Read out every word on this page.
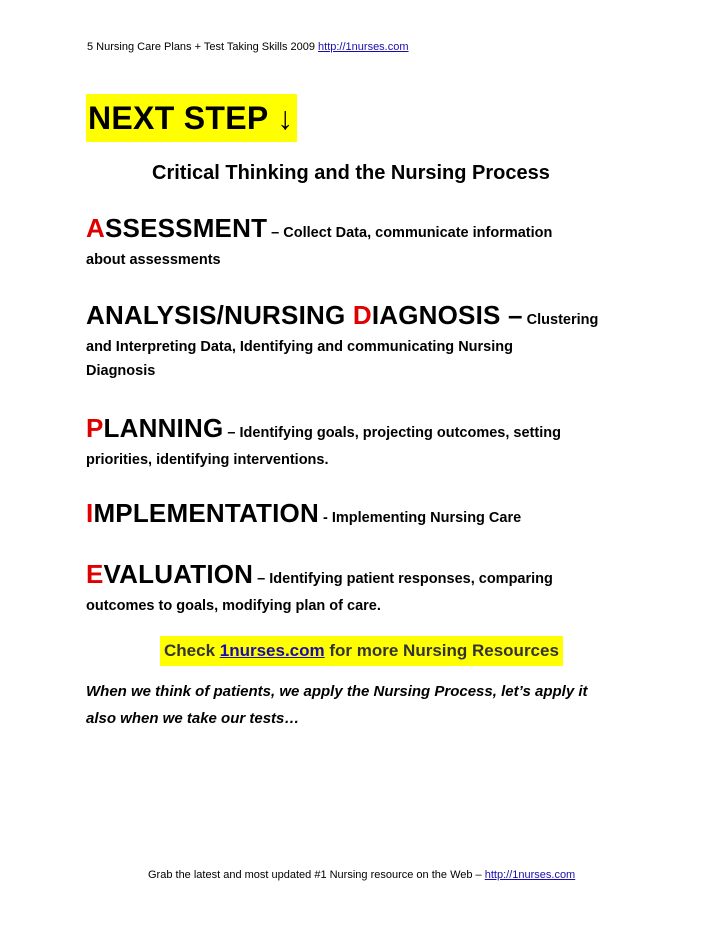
5 Nursing Care Plans + Test Taking Skills 2009 http://1nurses.com
NEXT STEP ↓
Critical Thinking and the Nursing Process
ASSESSMENT – Collect Data, communicate information
about assessments
ANALYSIS/NURSING DIAGNOSIS – Clustering
and Interpreting Data, Identifying and communicating Nursing
Diagnosis
PLANNING – Identifying goals, projecting outcomes, setting
priorities, identifying interventions.
IMPLEMENTATION - Implementing Nursing Care
EVALUATION – Identifying patient responses, comparing
outcomes to goals, modifying plan of care.
Check 1nurses.com for more Nursing Resources
When we think of patients, we apply the Nursing Process, let’s apply it
also when we take our tests…
Grab the latest and most updated #1 Nursing resource on the Web – http://1nurses.com
